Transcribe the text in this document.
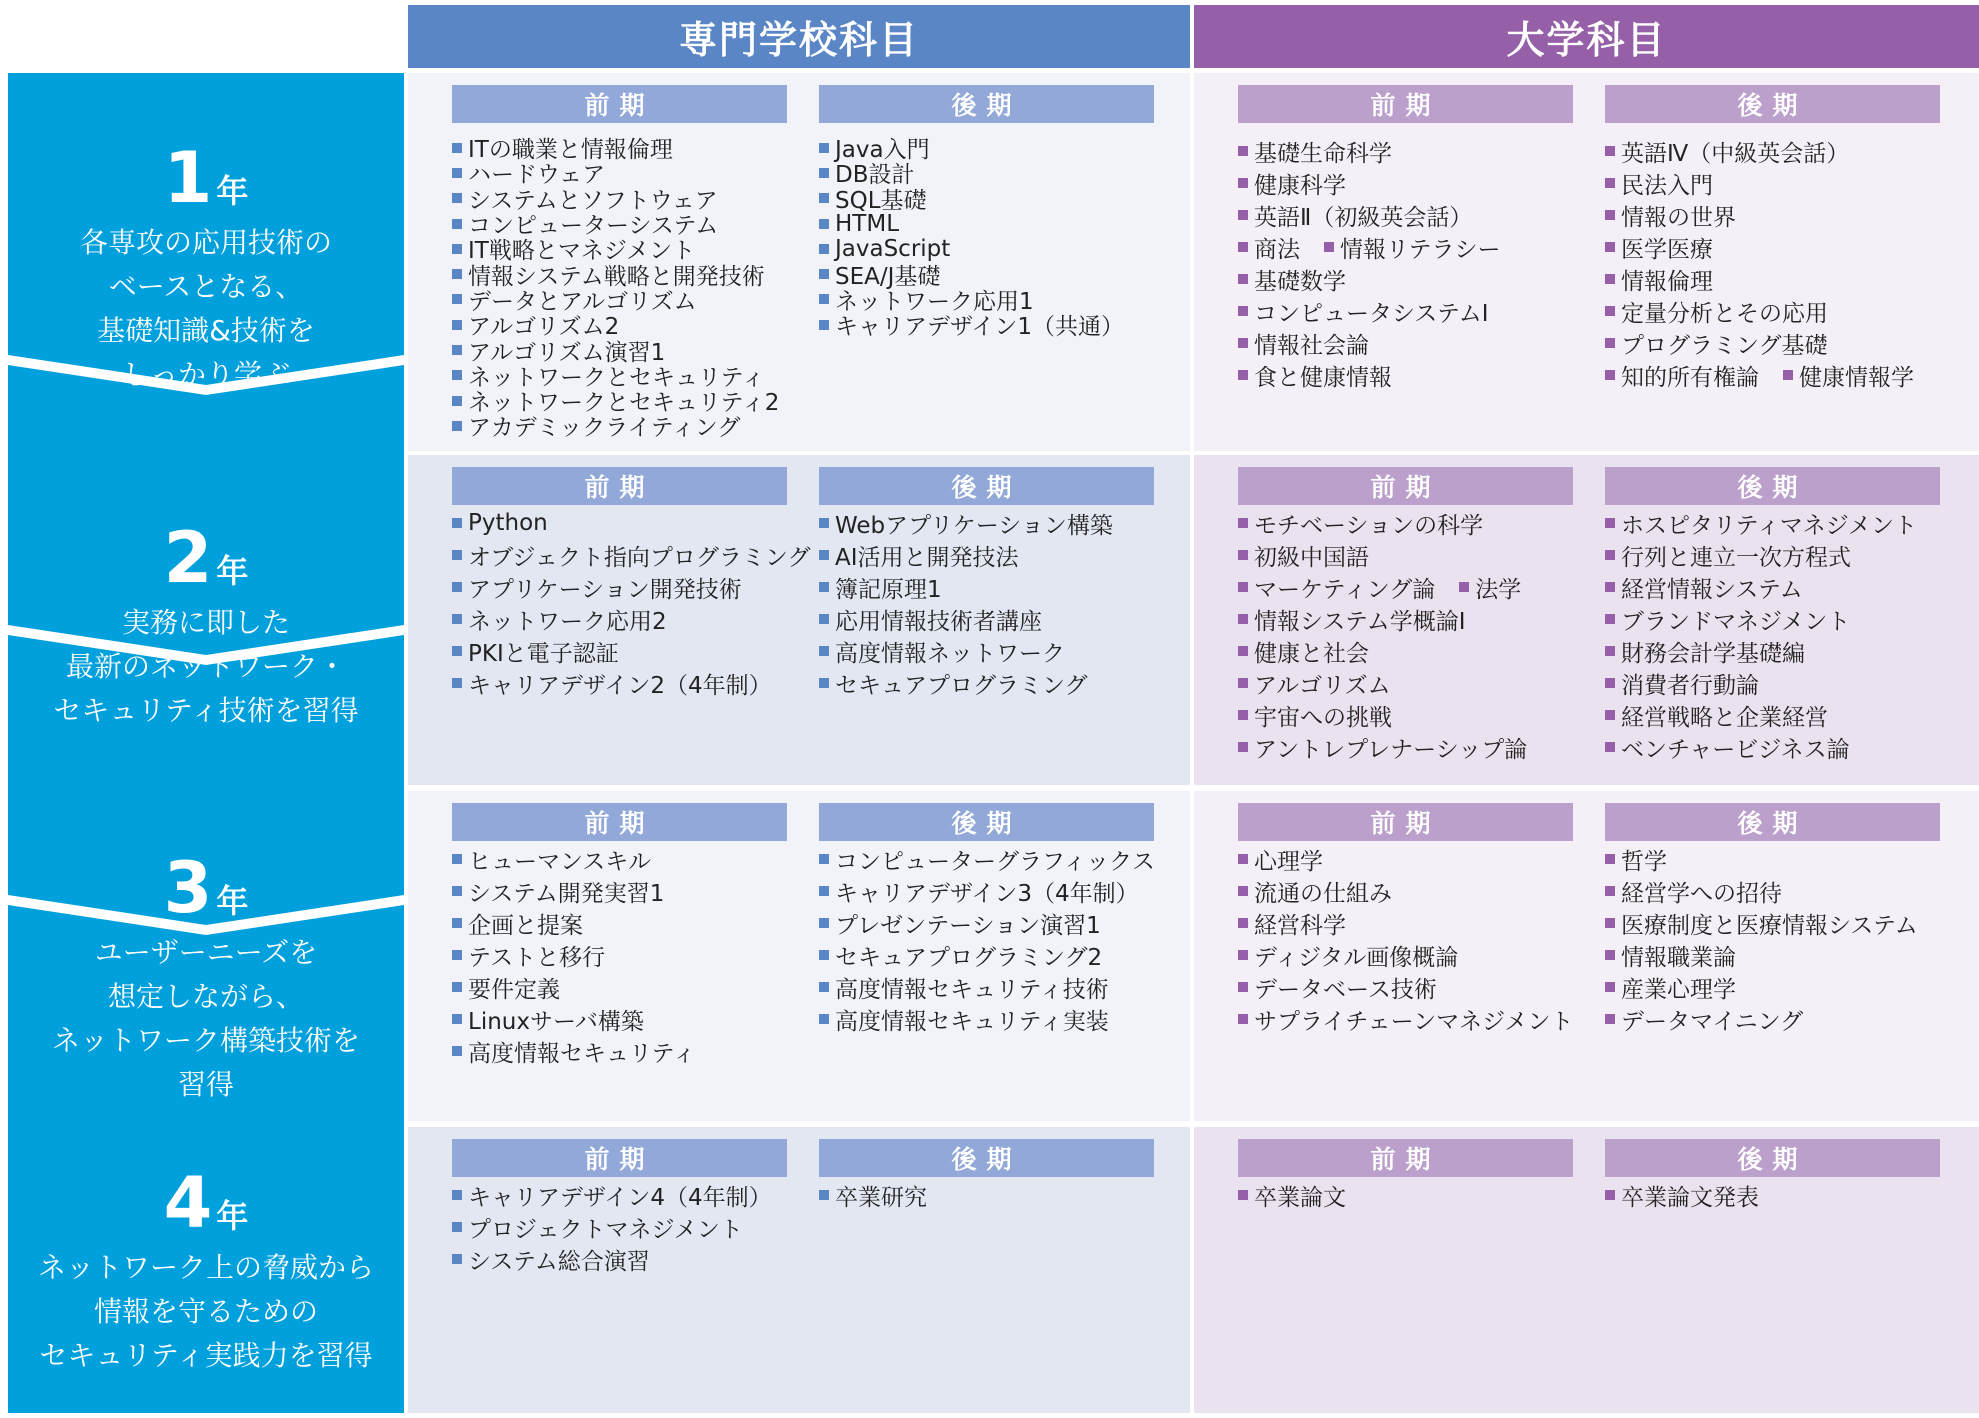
専門学校科目	大学科目
1 年
各専攻の応用技術の
ベースとなる、
基礎知識&技術を
しっかり学ぶ
2 年
実務に即した
最新のネットワーク・
セキュリティ技術を習得
3 年
ユーザーニーズを
想定しながら、
ネットワーク構築技術を
習得
4 年
ネットワーク上の脅威から
情報を守るための
セキュリティ実践力を習得
前期
ITの職業と情報倫理
ハードウェア
システムとソフトウェア
コンピューターシステム
IT戦略とマネジメント
情報システム戦略と開発技術
データとアルゴリズム
アルゴリズム2
アルゴリズム演習1
ネットワークとセキュリティ
ネットワークとセキュリティ2
アカデミックライティング
後期
Java入門
DB設計
SQL基礎
HTML
JavaScript
SEA/J基礎
ネットワーク応用1
キャリアデザイン1（共通）
前期
基礎生命科学
健康科学
英語Ⅱ（初級英会話）
商法 情報リテラシー
基礎数学
コンピュータシステムⅠ
情報社会論
食と健康情報
後期
英語Ⅳ（中級英会話）
民法入門
情報の世界
医学医療
情報倫理
定量分析とその応用
プログラミング基礎
知的所有権論 健康情報学
前期
Python
オブジェクト指向プログラミング
アプリケーション開発技術
ネットワーク応用2
PKIと電子認証
キャリアデザイン2（4年制）
後期
Webアプリケーション構築
AI活用と開発技法
簿記原理1
応用情報技術者講座
高度情報ネットワーク
セキュアプログラミング
前期
モチベーションの科学
初級中国語
マーケティング論 法学
情報システム学概論Ⅰ
健康と社会
アルゴリズム
宇宙への挑戦
アントレプレナーシップ論
後期
ホスピタリティマネジメント
行列と連立一次方程式
経営情報システム
ブランドマネジメント
財務会計学基礎編
消費者行動論
経営戦略と企業経営
ベンチャービジネス論
前期
ヒューマンスキル
システム開発実習1
企画と提案
テストと移行
要件定義
Linuxサーバ構築
高度情報セキュリティ
後期
コンピューターグラフィックス
キャリアデザイン3（4年制）
プレゼンテーション演習1
セキュアプログラミング2
高度情報セキュリティ技術
高度情報セキュリティ実装
前期
心理学
流通の仕組み
経営科学
ディジタル画像概論
データベース技術
サプライチェーンマネジメント
後期
哲学
経営学への招待
医療制度と医療情報システム
情報職業論
産業心理学
データマイニング
前期
キャリアデザイン4（4年制）
プロジェクトマネジメント
システム総合演習
後期
卒業研究
前期
卒業論文
後期
卒業論文発表
